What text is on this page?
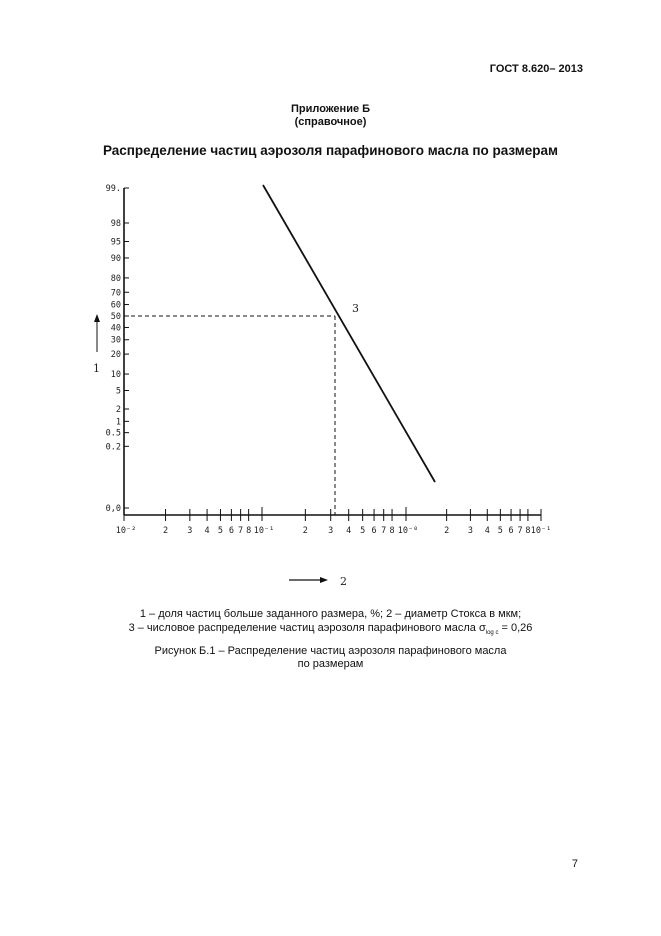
ГОСТ 8.620– 2013
Приложение Б
(справочное)
Распределение частиц аэрозоля парафинового масла по размерам
99.
98
95
90
80
70
60
50
40
30
20
10
5
2
1
0.5
0.2
0,0
10⁻²	2 3 4 5 6 7 8 10⁻¹	2 3 4 5 6 7 8 10⁻⁰	2 3 4 5 6 7 8 10⁻¹
3
1
2
1 – доля частиц больше заданного размера, %; 2 – диаметр Стокса в мкм;
3 – числовое распределение частиц аэрозоля парафинового масла $\sigma_{log c} = 0,26$
Рисунок Б.1 – Распределение частиц аэрозоля парафинового масла
по размерам
7
